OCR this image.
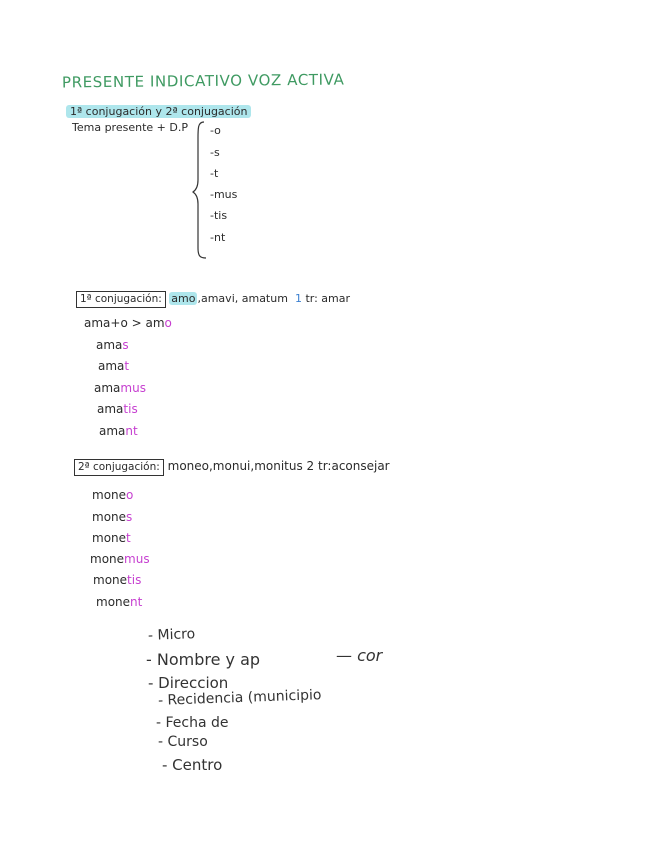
PRESENTE INDICATIVO VOZ ACTIVA
1ª conjugación y 2ª conjugación
Tema presente + D.P -o
-s
-t
-mus
-tis
-nt
1ª conjugación: amo ,amavi, amatum 1 tr: amar
ama+o > amo
amas
amat
amamus
amatis
amant
2ª conjugación: moneo,monui,monitus 2 tr:aconsejar
moneo
mones
monet
monemus
monetis
monent
- Micro
- Nombre y ap	— cor
- Direccion
- Recidencia (municipio
- Fecha de
- Curso
- Centro
